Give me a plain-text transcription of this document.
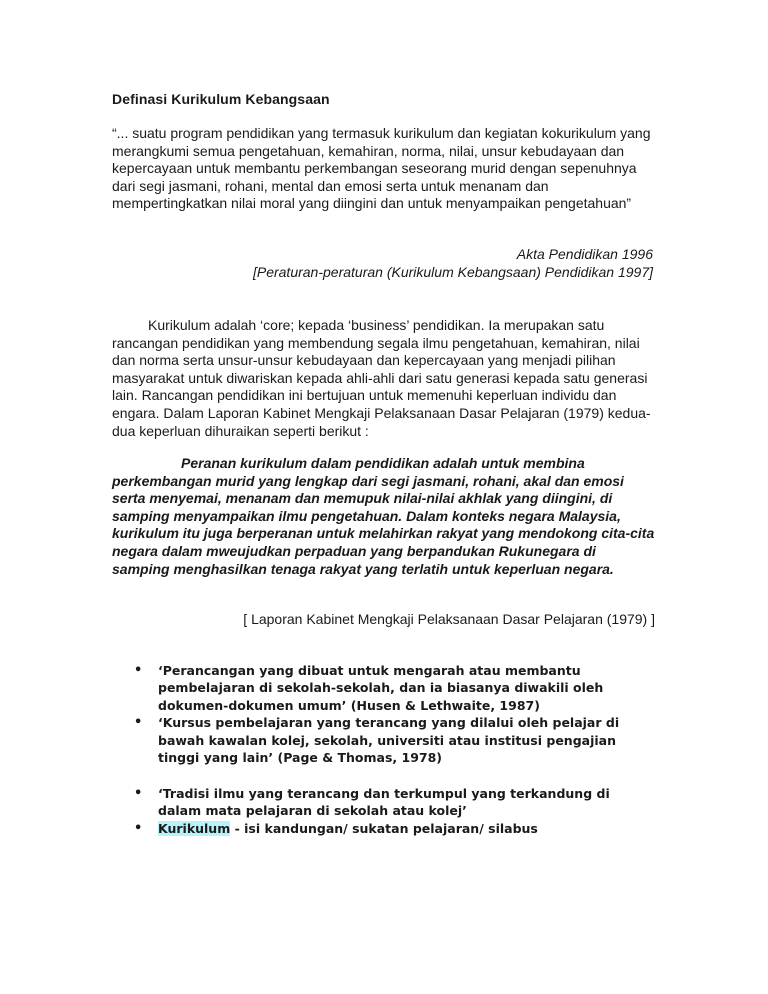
Definasi Kurikulum Kebangsaan
“... suatu program pendidikan yang termasuk kurikulum dan kegiatan kokurikulum yang merangkumi semua pengetahuan, kemahiran, norma, nilai, unsur kebudayaan dan kepercayaan untuk membantu perkembangan seseorang murid dengan sepenuhnya dari segi jasmani, rohani, mental dan emosi serta untuk menanam dan mempertingkatkan nilai moral yang diingini dan untuk menyampaikan pengetahuan”
Akta Pendidikan 1996
[Peraturan-peraturan (Kurikulum Kebangsaan) Pendidikan 1997]
Kurikulum adalah ‘core; kepada ‘business’ pendidikan. Ia merupakan satu rancangan pendidikan yang membendung segala ilmu pengetahuan, kemahiran, nilai dan norma serta unsur-unsur kebudayaan dan kepercayaan yang menjadi pilihan masyarakat untuk diwariskan kepada ahli-ahli dari satu generasi kepada satu generasi lain. Rancangan pendidikan ini bertujuan untuk memenuhi keperluan individu dan engara. Dalam Laporan Kabinet Mengkaji Pelaksanaan Dasar Pelajaran (1979) kedua-dua keperluan dihuraikan seperti berikut :
Peranan kurikulum dalam pendidikan adalah untuk membina perkembangan murid yang lengkap dari segi jasmani, rohani, akal dan emosi serta menyemai, menanam dan memupuk nilai-nilai akhlak yang diingini, di samping menyampaikan ilmu pengetahuan. Dalam konteks negara Malaysia, kurikulum itu juga berperanan untuk melahirkan rakyat yang mendokong cita-cita negara dalam mweujudkan perpaduan yang berpandukan Rukunegara di samping menghasilkan tenaga rakyat yang terlatih untuk keperluan negara.
[ Laporan Kabinet Mengkaji Pelaksanaan Dasar Pelajaran (1979) ]
• ‘Perancangan yang dibuat untuk mengarah atau membantu pembelajaran di sekolah-sekolah, dan ia biasanya diwakili oleh dokumen-dokumen umum’ (Husen & Lethwaite, 1987)
• ‘Kursus pembelajaran yang terancang yang dilalui oleh pelajar di bawah kawalan kolej, sekolah, universiti atau institusi pengajian tinggi yang lain’ (Page & Thomas, 1978)
• ‘Tradisi ilmu yang terancang dan terkumpul yang terkandung di dalam mata pelajaran di sekolah atau kolej’
• Kurikulum - isi kandungan/ sukatan pelajaran/ silabus
